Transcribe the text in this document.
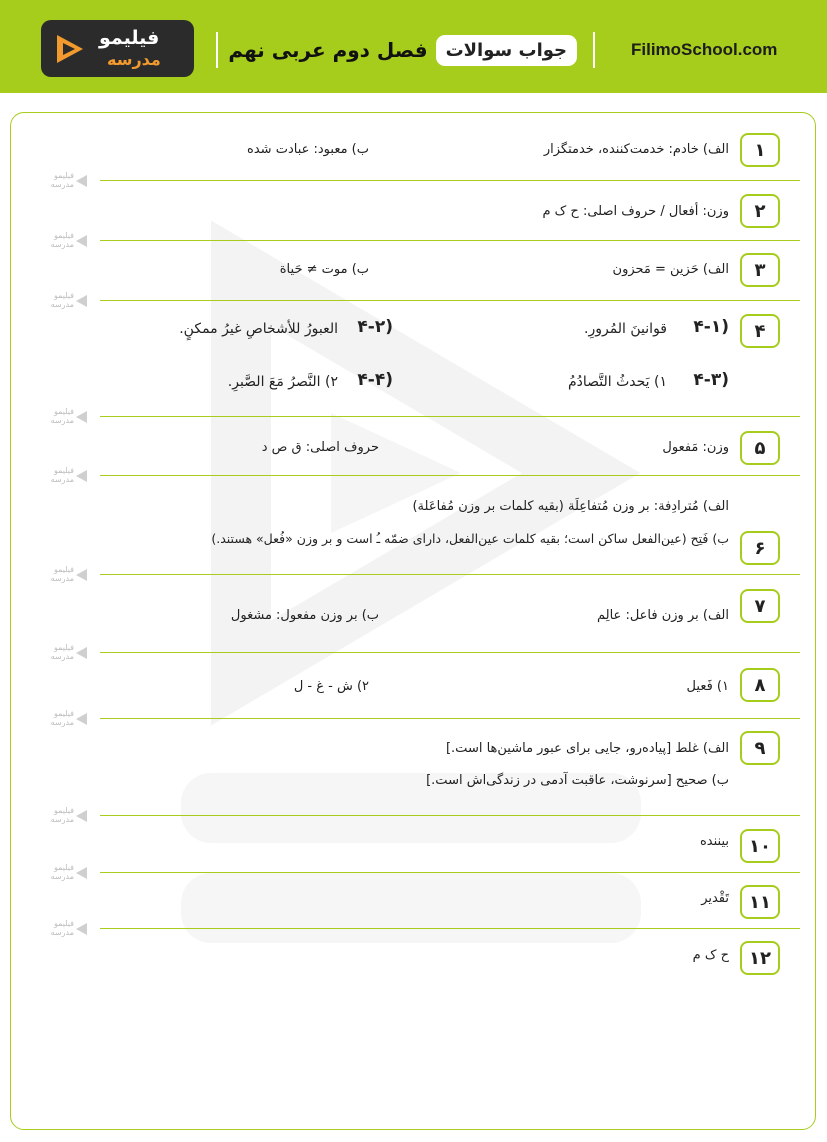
FilimoSchool.com
جواب سوالات
فصل دوم عربی نهم
فیلیمو
مدرسه
فیلیمو
مدرسه
فیلیمو
مدرسه
فیلیمو
مدرسه
فیلیمو
مدرسه
فیلیمو
مدرسه
فیلیمو
مدرسه
فیلیمو
مدرسه
فیلیمو
مدرسه
فیلیمو
مدرسه
فیلیمو
مدرسه
فیلیمو
مدرسه
۱
الف) خادم: خدمت‌کننده، خدمتگزار
ب) معبود: عبادت شده
۲
وزن: أفعال / حروف اصلی: ح ک م
۳
الف) حَزین = مَحزون
ب) موت ≠ حَیاة
۴
۴-۱)
قوانینَ المُرورِ.
۴-۲)
العبورُ للأشخاصِ غیرُ ممکنٍ.
۴-۳)
۱) یَحدثُ التَّصادُمُ
۴-۴)
۲) النَّصرُ مَعَ الصَّبرِ.
۵
وزن: مَفعول
حروف اصلی: ق ص د
۶
الف) مُترادِفة: بر وزن مُتفاعِلَة (بقیه کلمات بر وزن مُفاعَلة)
ب) فَتِح (عین‌الفعل ساکن است؛ بقیه کلمات عین‌الفعل، دارای ضمّه ـُ است و بر وزن «فُعل» هستند.)
۷
الف) بر وزن فاعل: عالِم
ب) بر وزن مفعول: مشغول
۸
۱) فَعیل
۲) ش - غ - ل
۹
الف) غلط [پیاده‌رو، جایی برای عبور ماشین‌ها است.]
ب) صحیح [سرنوشت، عاقبت آدمی در زندگی‌اش است.]
۱۰
بیننده
۱۱
تَقْدیر
۱۲
ح ک م
